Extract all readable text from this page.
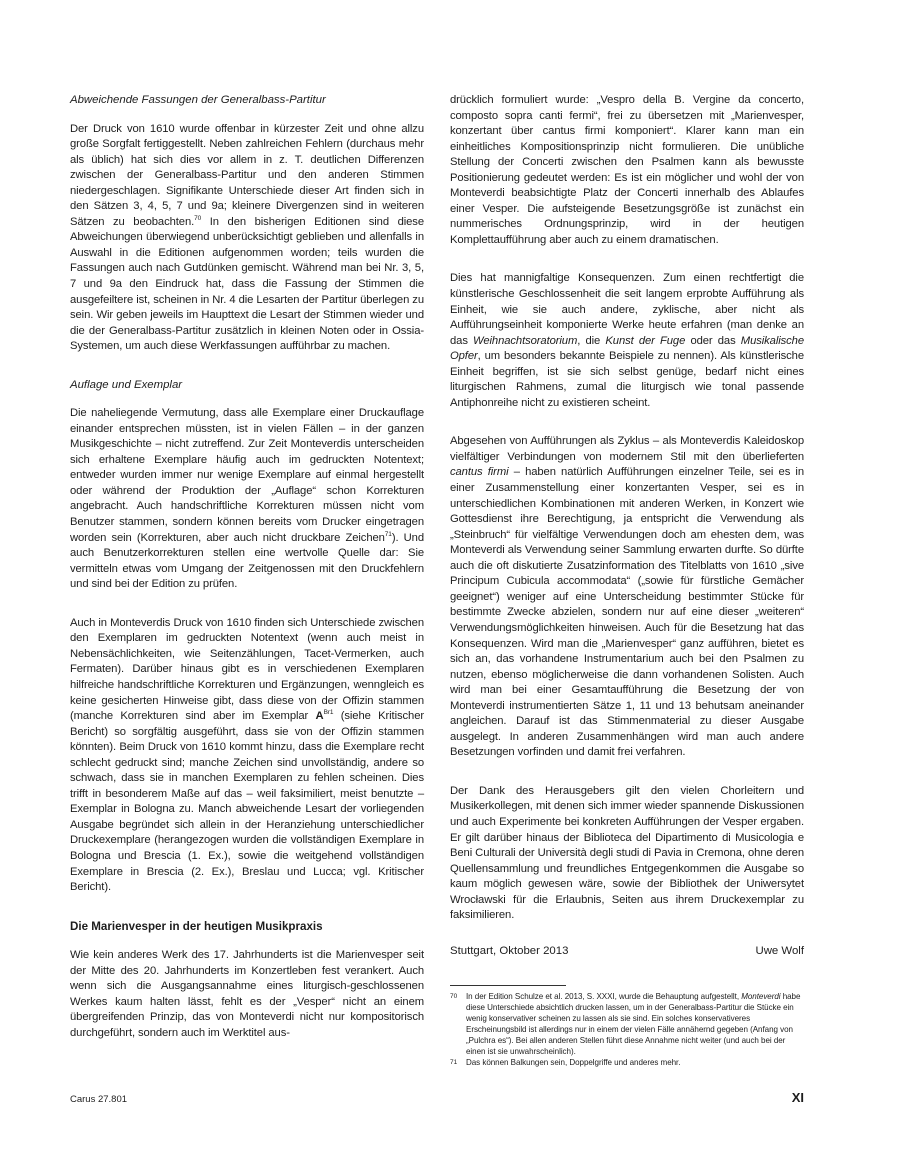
Abweichende Fassungen der Generalbass-Partitur

Der Druck von 1610 wurde offenbar in kürzester Zeit und ohne allzu große Sorgfalt fertiggestellt. Neben zahlreichen Fehlern (durchaus mehr als üblich) hat sich dies vor allem in z. T. deutlichen Differenzen zwischen der Generalbass-Partitur und den anderen Stimmen niedergeschlagen. Signifikante Unterschiede dieser Art finden sich in den Sätzen 3, 4, 5, 7 und 9a; kleinere Divergenzen sind in weiteren Sätzen zu beobachten.$^{70}$ In den bisherigen Editionen sind diese Abweichungen überwiegend unberücksichtigt geblieben und allenfalls in Auswahl in die Editionen aufgenommen worden; teils wurden die Fassungen auch nach Gutdünken gemischt. Während man bei Nr. 3, 5, 7 und 9a den Eindruck hat, dass die Fassung der Stimmen die ausgefeiltere ist, scheinen in Nr. 4 die Lesarten der Partitur überlegen zu sein. Wir geben jeweils im Haupttext die Lesart der Stimmen wieder und die der Generalbass-Partitur zusätzlich in kleinen Noten oder in Ossia-Systemen, um auch diese Werkfassungen aufführbar zu machen.

Auflage und Exemplar

Die naheliegende Vermutung, dass alle Exemplare einer Druckauflage einander entsprechen müssten, ist in vielen Fällen – in der ganzen Musikgeschichte – nicht zutreffend. Zur Zeit Monteverdis unterscheiden sich erhaltene Exemplare häufig auch im gedruckten Notentext; entweder wurden immer nur wenige Exemplare auf einmal hergestellt oder während der Produktion der „Auflage“ schon Korrekturen angebracht. Auch handschriftliche Korrekturen müssen nicht vom Benutzer stammen, sondern können bereits vom Drucker eingetragen worden sein (Korrekturen, aber auch nicht druckbare Zeichen$^{71}$). Und auch Benutzerkorrekturen stellen eine wertvolle Quelle dar: Sie vermitteln etwas vom Umgang der Zeitgenossen mit den Druckfehlern und sind bei der Edition zu prüfen.

Auch in Monteverdis Druck von 1610 finden sich Unterschiede zwischen den Exemplaren im gedruckten Notentext (wenn auch meist in Nebensächlichkeiten, wie Seitenzählungen, Tacet-Vermerken, auch Fermaten). Darüber hinaus gibt es in verschiedenen Exemplaren hilfreiche handschriftliche Korrekturen und Ergänzungen, wenngleich es keine gesicherten Hinweise gibt, dass diese von der Offizin stammen (manche Korrekturen sind aber im Exemplar $A^{Br1}$ (siehe Kritischer Bericht) so sorgfältig ausgeführt, dass sie von der Offizin stammen könnten). Beim Druck von 1610 kommt hinzu, dass die Exemplare recht schlecht gedruckt sind; manche Zeichen sind unvollständig, andere so schwach, dass sie in manchen Exemplaren zu fehlen scheinen. Dies trifft in besonderem Maße auf das – weil faksimiliert, meist benutzte – Exemplar in Bologna zu. Manch abweichende Lesart der vorliegenden Ausgabe begründet sich allein in der Heranziehung unterschiedlicher Druckexemplare (herangezogen wurden die vollständigen Exemplare in Bologna und Brescia (1. Ex.), sowie die weitgehend vollständigen Exemplare in Brescia (2. Ex.), Breslau und Lucca; vgl. Kritischer Bericht).

Die Marienvesper in der heutigen Musikpraxis

Wie kein anderes Werk des 17. Jahrhunderts ist die Marienvesper seit der Mitte des 20. Jahrhunderts im Konzertleben fest verankert. Auch wenn sich die Ausgangsannahme eines liturgisch-geschlossenen Werkes kaum halten lässt, fehlt es der „Vesper“ nicht an einem übergreifenden Prinzip, das von Monteverdi nicht nur kompositorisch durchgeführt, sondern auch im Werktitel aus-

drücklich formuliert wurde: „Vespro della B. Vergine da concerto, composto sopra canti fermi“, frei zu übersetzen mit „Marienvesper, konzertant über cantus firmi komponiert“. Klarer kann man ein einheitliches Kompositionsprinzip nicht formulieren. Die unübliche Stellung der Concerti zwischen den Psalmen kann als bewusste Positionierung gedeutet werden: Es ist ein möglicher und wohl der von Monteverdi beabsichtigte Platz der Concerti innerhalb des Ablaufes einer Vesper. Die aufsteigende Besetzungsgröße ist zunächst ein nummerisches Ordnungsprinzip, wird in der heutigen Komplettaufführung aber auch zu einem dramatischen.

Dies hat mannigfaltige Konsequenzen. Zum einen rechtfertigt die künstlerische Geschlossenheit die seit langem erprobte Aufführung als Einheit, wie sie auch andere, zyklische, aber nicht als Aufführungseinheit komponierte Werke heute erfahren (man denke an das Weihnachtsoratorium, die Kunst der Fuge oder das Musikalische Opfer, um besonders bekannte Beispiele zu nennen). Als künstlerische Einheit begriffen, ist sie sich selbst genüge, bedarf nicht eines liturgischen Rahmens, zumal die liturgisch wie tonal passende Antiphonreihe nicht zu existieren scheint.

Abgesehen von Aufführungen als Zyklus – als Monteverdis Kaleidoskop vielfältiger Verbindungen von modernem Stil mit den überlieferten cantus firmi – haben natürlich Aufführungen einzelner Teile, sei es in einer Zusammenstellung einer konzertanten Vesper, sei es in unterschiedlichen Kombinationen mit anderen Werken, in Konzert wie Gottesdienst ihre Berechtigung, ja entspricht die Verwendung als „Steinbruch“ für vielfältige Verwendungen doch am ehesten dem, was Monteverdi als Verwendung seiner Sammlung erwarten durfte. So dürfte auch die oft diskutierte Zusatzinformation des Titelblatts von 1610 „sive Principum Cubicula accommodata“ („sowie für fürstliche Gemächer geeignet“) weniger auf eine Unterscheidung bestimmter Stücke für bestimmte Zwecke abzielen, sondern nur auf eine dieser „weiteren“ Verwendungsmöglichkeiten hinweisen. Auch für die Besetzung hat das Konsequenzen. Wird man die „Marienvesper“ ganz aufführen, bietet es sich an, das vorhandene Instrumentarium auch bei den Psalmen zu nutzen, ebenso möglicherweise die dann vorhandenen Solisten. Auch wird man bei einer Gesamtaufführung die Besetzung der von Monteverdi instrumentierten Sätze 1, 11 und 13 behutsam aneinander angleichen. Darauf ist das Stimmenmaterial zu dieser Ausgabe ausgelegt. In anderen Zusammenhängen wird man auch andere Besetzungen vorfinden und damit frei verfahren.

Der Dank des Herausgebers gilt den vielen Chorleitern und Musikerkollegen, mit denen sich immer wieder spannende Diskussionen und auch Experimente bei konkreten Aufführungen der Vesper ergaben. Er gilt darüber hinaus der Biblioteca del Dipartimento di Musicologia e Beni Culturali der Università degli studi di Pavia in Cremona, ohne deren Quellensammlung und freundliches Entgegenkommen die Ausgabe so kaum möglich gewesen wäre, sowie der Bibliothek der Uniwersytet Wrocławski für die Erlaubnis, Seiten aus ihrem Druckexemplar zu faksimilieren.

Stuttgart, Oktober 2013	Uwe Wolf

70 In der Edition Schulze et al. 2013, S. XXXI, wurde die Behauptung aufgestellt, Monteverdi habe diese Unterschiede absichtlich drucken lassen, um in der Generalbass-Partitur die Stücke ein wenig konservativer scheinen zu lassen als sie sind. Ein solches konservativeres Erscheinungsbild ist allerdings nur in einem der vielen Fälle annähernd gegeben (Anfang von „Pulchra es“). Bei allen anderen Stellen führt diese Annahme nicht weiter (und auch bei der einen ist sie unwahrscheinlich).

71 Das können Balkungen sein, Doppelgriffe und anderes mehr.

Carus 27.801	XI
